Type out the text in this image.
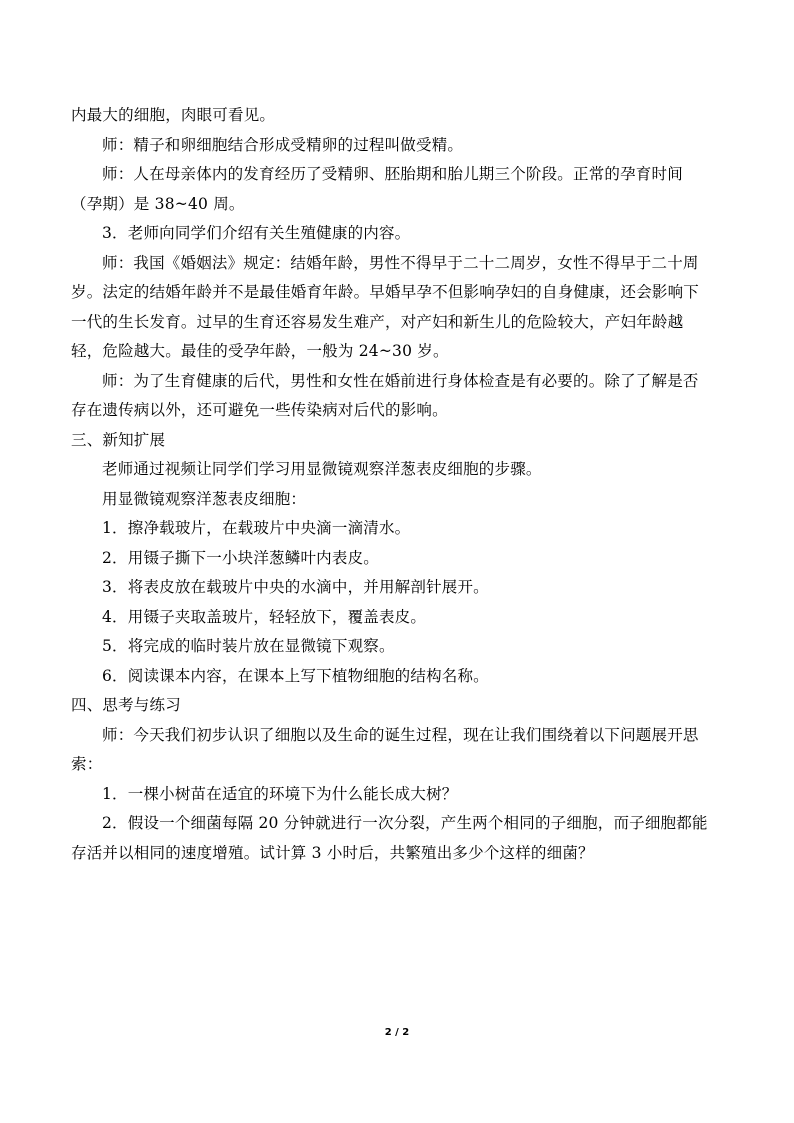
内最大的细胞，肉眼可看见。
师：精子和卵细胞结合形成受精卵的过程叫做受精。
师：人在母亲体内的发育经历了受精卵、胚胎期和胎儿期三个阶段。正常的孕育时间
（孕期）是 38~40 周。
3．老师向同学们介绍有关生殖健康的内容。
师：我国《婚姻法》规定：结婚年龄，男性不得早于二十二周岁，女性不得早于二十周
岁。法定的结婚年龄并不是最佳婚育年龄。早婚早孕不但影响孕妇的自身健康，还会影响下
一代的生长发育。过早的生育还容易发生难产，对产妇和新生儿的危险较大，产妇年龄越
轻，危险越大。最佳的受孕年龄，一般为 24~30 岁。
师：为了生育健康的后代，男性和女性在婚前进行身体检查是有必要的。除了了解是否
存在遗传病以外，还可避免一些传染病对后代的影响。
三、新知扩展
老师通过视频让同学们学习用显微镜观察洋葱表皮细胞的步骤。
用显微镜观察洋葱表皮细胞：
1．擦净载玻片，在载玻片中央滴一滴清水。
2．用镊子撕下一小块洋葱鳞叶内表皮。
3．将表皮放在载玻片中央的水滴中，并用解剖针展开。
4．用镊子夹取盖玻片，轻轻放下，覆盖表皮。
5．将完成的临时装片放在显微镜下观察。
6．阅读课本内容，在课本上写下植物细胞的结构名称。
四、思考与练习
师：今天我们初步认识了细胞以及生命的诞生过程，现在让我们围绕着以下问题展开思
索：
1．一棵小树苗在适宜的环境下为什么能长成大树？
2．假设一个细菌每隔 20 分钟就进行一次分裂，产生两个相同的子细胞，而子细胞都能
存活并以相同的速度增殖。试计算 3 小时后，共繁殖出多少个这样的细菌？
2 / 2
